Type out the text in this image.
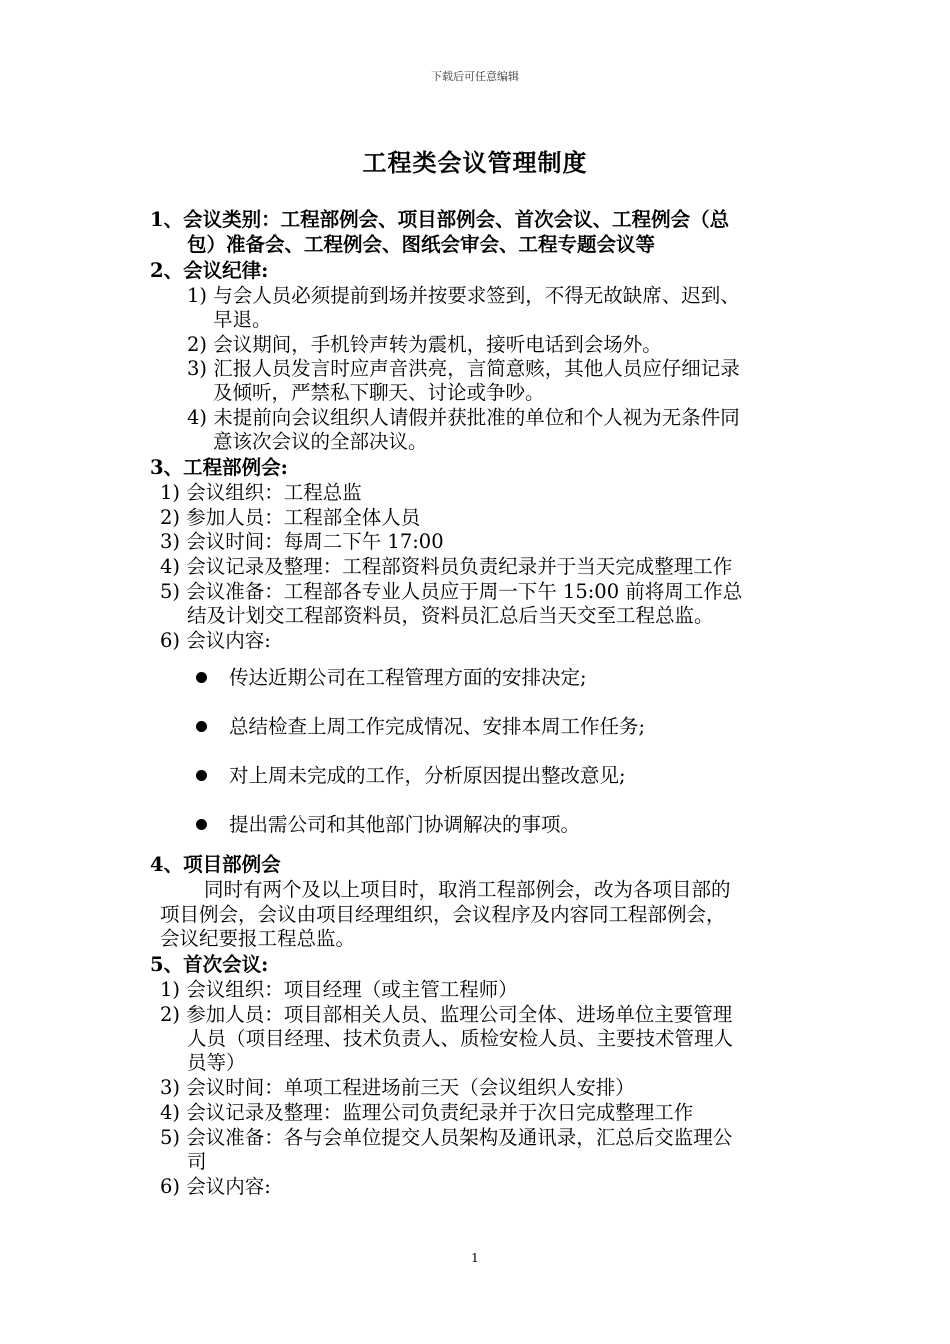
下载后可任意编辑
工程类会议管理制度
1、会议类别：工程部例会、项目部例会、首次会议、工程例会（总
包）准备会、工程例会、图纸会审会、工程专题会议等
2、会议纪律:
1) 与会人员必须提前到场并按要求签到，不得无故缺席、迟到、
早退。
2) 会议期间，手机铃声转为震机，接听电话到会场外。
3) 汇报人员发言时应声音洪亮，言简意赅，其他人员应仔细记录
及倾听，严禁私下聊天、讨论或争吵。
4) 未提前向会议组织人请假并获批准的单位和个人视为无条件同
意该次会议的全部决议。
3、工程部例会:
1) 会议组织：工程总监
2) 参加人员：工程部全体人员
3) 会议时间：每周二下午 17:00
4) 会议记录及整理：工程部资料员负责纪录并于当天完成整理工作
5) 会议准备：工程部各专业人员应于周一下午 15:00 前将周工作总
结及计划交工程部资料员，资料员汇总后当天交至工程总监。
6) 会议内容:
传达近期公司在工程管理方面的安排决定;
总结检查上周工作完成情况、安排本周工作任务;
对上周未完成的工作，分析原因提出整改意见;
提出需公司和其他部门协调解决的事项。
4、项目部例会
同时有两个及以上项目时，取消工程部例会，改为各项目部的
项目例会，会议由项目经理组织，会议程序及内容同工程部例会，
会议纪要报工程总监。
5、首次会议:
1) 会议组织：项目经理（或主管工程师）
2) 参加人员：项目部相关人员、监理公司全体、进场单位主要管理
人员（项目经理、技术负责人、质检安检人员、主要技术管理人
员等）
3) 会议时间：单项工程进场前三天（会议组织人安排）
4) 会议记录及整理：监理公司负责纪录并于次日完成整理工作
5) 会议准备：各与会单位提交人员架构及通讯录，汇总后交监理公
司
6) 会议内容:
1
